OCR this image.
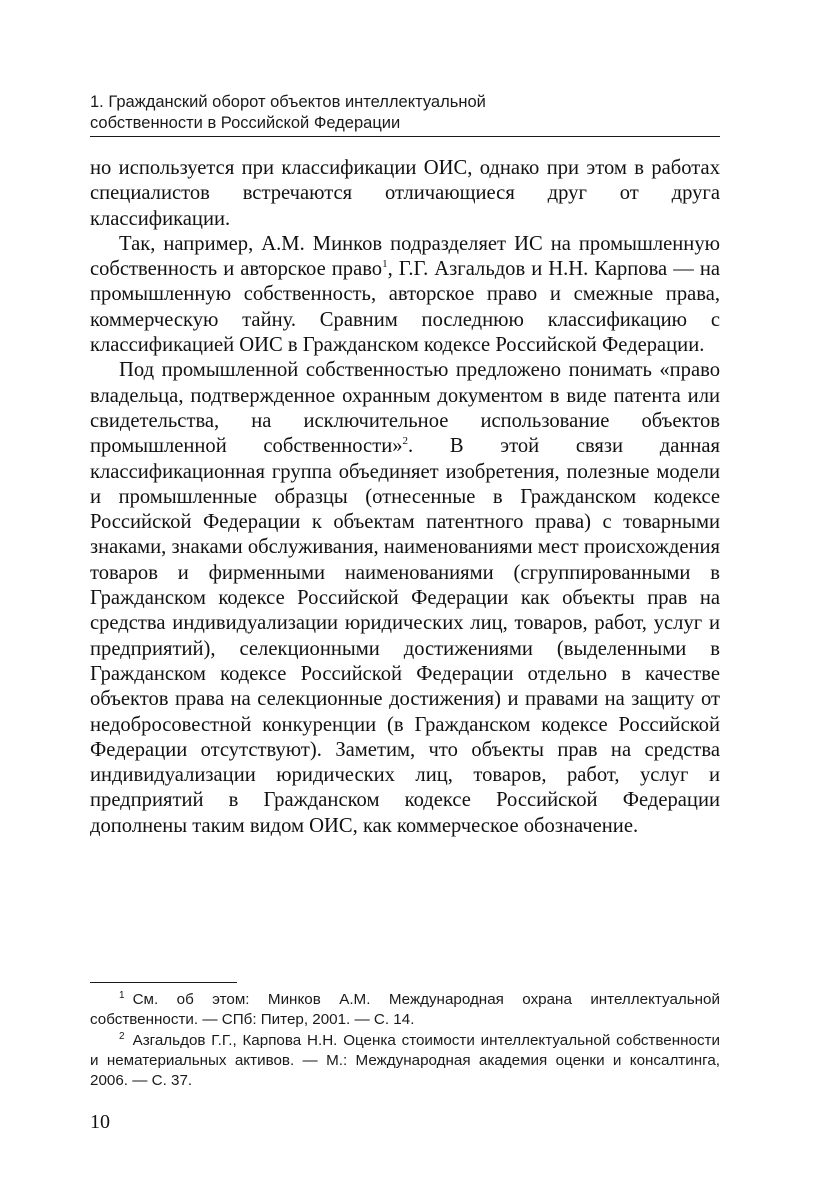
1. Гражданский оборот объектов интеллектуальной
собственности в Российской Федерации

но используется при классификации ОИС, однако при этом в работах специалистов встречаются отличающиеся друг от друга классификации.

Так, например, А.М. Минков подразделяет ИС на промышленную собственность и авторское право$^1$, Г.Г. Азгальдов и Н.Н. Карпова — на промышленную собственность, авторское право и смежные права, коммерческую тайну. Сравним последнюю классификацию с классификацией ОИС в Гражданском кодексе Российской Федерации.

Под промышленной собственностью предложено понимать «право владельца, подтвержденное охранным документом в виде патента или свидетельства, на исключительное использование объектов промышленной собственности»$^2$. В этой связи данная классификационная группа объединяет изобретения, полезные модели и промышленные образцы (отнесенные в Гражданском кодексе Российской Федерации к объектам патентного права) с товарными знаками, знаками обслуживания, наименованиями мест происхождения товаров и фирменными наименованиями (сгруппированными в Гражданском кодексе Российской Федерации как объекты прав на средства индивидуализации юридических лиц, товаров, работ, услуг и предприятий), селекционными достижениями (выделенными в Гражданском кодексе Российской Федерации отдельно в качестве объектов права на селекционные достижения) и правами на защиту от недобросовестной конкуренции (в Гражданском кодексе Российской Федерации отсутствуют). Заметим, что объекты прав на средства индивидуализации юридических лиц, товаров, работ, услуг и предприятий в Гражданском кодексе Российской Федерации дополнены таким видом ОИС, как коммерческое обозначение.

$^1$ См. об этом: Минков А.М. Международная охрана интеллектуальной собственности. — СПб: Питер, 2001. — С. 14.

$^2$ Азгальдов Г.Г., Карпова Н.Н. Оценка стоимости интеллектуальной собственности и нематериальных активов. — М.: Международная академия оценки и консалтинга, 2006. — С. 37.

10
